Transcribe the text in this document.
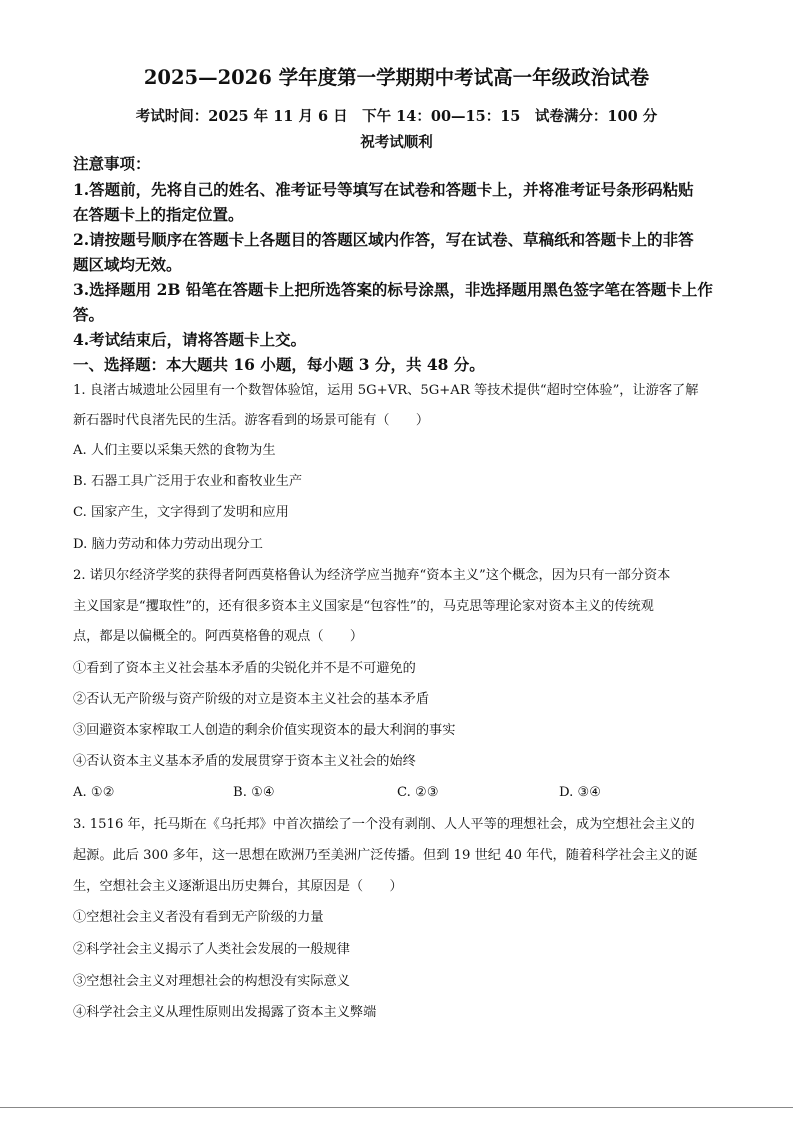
2025—2026 学年度第一学期期中考试高一年级政治试卷
考试时间：2025 年 11 月 6 日　下午 14：00—15：15　试卷满分：100 分
祝考试顺利
注意事项：
1.答题前，先将自己的姓名、准考证号等填写在试卷和答题卡上，并将准考证号条形码粘贴
在答题卡上的指定位置。
2.请按题号顺序在答题卡上各题目的答题区域内作答，写在试卷、草稿纸和答题卡上的非答
题区域均无效。
3.选择题用 2B 铅笔在答题卡上把所选答案的标号涂黑，非选择题用黑色签字笔在答题卡上作
答。
4.考试结束后，请将答题卡上交。
一、选择题：本大题共 16 小题，每小题 3 分，共 48 分。
1. 良渚古城遗址公园里有一个数智体验馆，运用 5G+VR、5G+AR 等技术提供“超时空体验”，让游客了解
新石器时代良渚先民的生活。游客看到的场景可能有（　　）
A. 人们主要以采集天然的食物为生
B. 石器工具广泛用于农业和畜牧业生产
C. 国家产生，文字得到了发明和应用
D. 脑力劳动和体力劳动出现分工
2. 诺贝尔经济学奖的获得者阿西莫格鲁认为经济学应当抛弃“资本主义”这个概念，因为只有一部分资本
主义国家是“攫取性”的，还有很多资本主义国家是“包容性”的，马克思等理论家对资本主义的传统观
点，都是以偏概全的。阿西莫格鲁的观点（　　）
①看到了资本主义社会基本矛盾的尖锐化并不是不可避免的
②否认无产阶级与资产阶级的对立是资本主义社会的基本矛盾
③回避资本家榨取工人创造的剩余价值实现资本的最大利润的事实
④否认资本主义基本矛盾的发展贯穿于资本主义社会的始终
A. ①②	B. ①④	C. ②③	D. ③④
3. 1516 年，托马斯在《乌托邦》中首次描绘了一个没有剥削、人人平等的理想社会，成为空想社会主义的
起源。此后 300 多年，这一思想在欧洲乃至美洲广泛传播。但到 19 世纪 40 年代，随着科学社会主义的诞
生，空想社会主义逐渐退出历史舞台，其原因是（　　）
①空想社会主义者没有看到无产阶级的力量
②科学社会主义揭示了人类社会发展的一般规律
③空想社会主义对理想社会的构想没有实际意义
④科学社会主义从理性原则出发揭露了资本主义弊端
